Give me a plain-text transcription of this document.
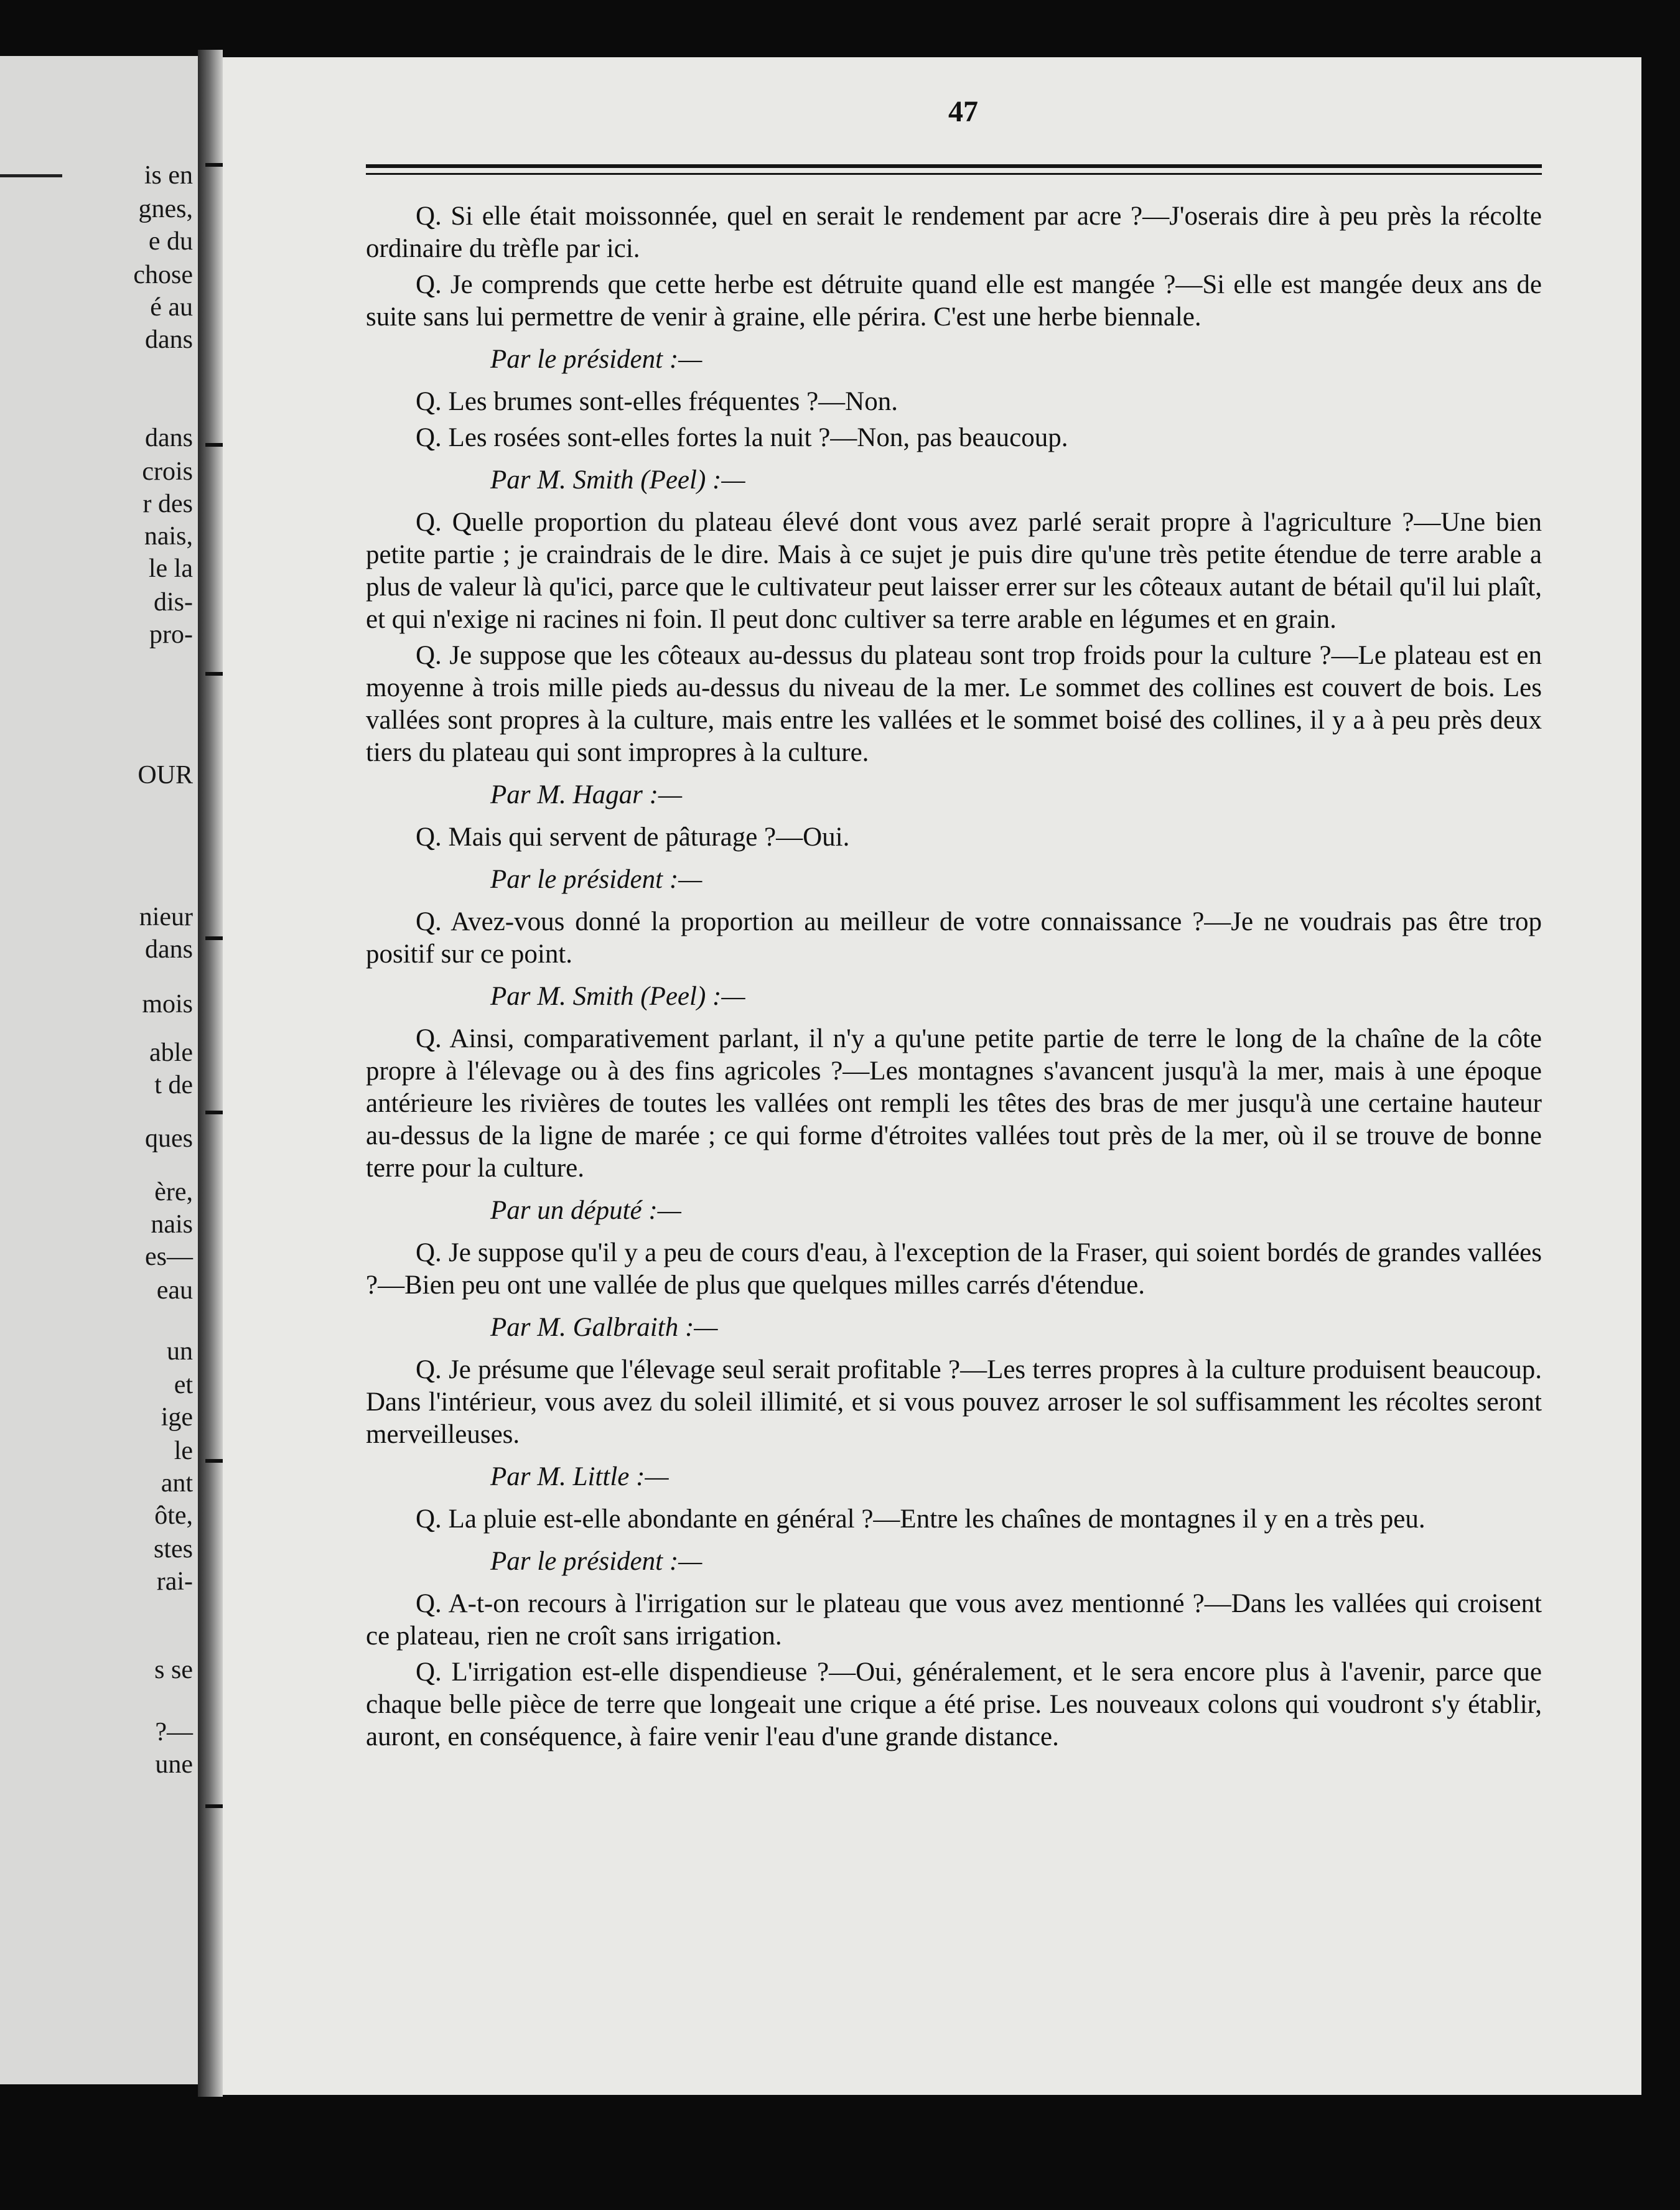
is en
gnes,
e du
chose
é au
dans
dans
crois
r des
nais,
le la
dis-
pro-
OUR
nieur
dans
mois
able
t de
ques
ère,
nais
es—
eau
un
et
ige
le
ant
ôte,
stes
rai-
s se
?—
une
47

Q. Si elle était moissonnée, quel en serait le rendement par acre ?—J'oserais dire à peu près la récolte ordinaire du trèfle par ici.

Q. Je comprends que cette herbe est détruite quand elle est mangée ?—Si elle est mangée deux ans de suite sans lui permettre de venir à graine, elle périra. C'est une herbe biennale.

Par le président :—

Q. Les brumes sont-elles fréquentes ?—Non.

Q. Les rosées sont-elles fortes la nuit ?—Non, pas beaucoup.

Par M. Smith (Peel) :—

Q. Quelle proportion du plateau élevé dont vous avez parlé serait propre à l'agriculture ?—Une bien petite partie ; je craindrais de le dire. Mais à ce sujet je puis dire qu'une très petite étendue de terre arable a plus de valeur là qu'ici, parce que le cultivateur peut laisser errer sur les côteaux autant de bétail qu'il lui plaît, et qui n'exige ni racines ni foin. Il peut donc cultiver sa terre arable en légumes et en grain.

Q. Je suppose que les côteaux au-dessus du plateau sont trop froids pour la culture ?—Le plateau est en moyenne à trois mille pieds au-dessus du niveau de la mer. Le sommet des collines est couvert de bois. Les vallées sont propres à la culture, mais entre les vallées et le sommet boisé des collines, il y a à peu près deux tiers du plateau qui sont impropres à la culture.

Par M. Hagar :—

Q. Mais qui servent de pâturage ?—Oui.

Par le président :—

Q. Avez-vous donné la proportion au meilleur de votre connaissance ?—Je ne voudrais pas être trop positif sur ce point.

Par M. Smith (Peel) :—

Q. Ainsi, comparativement parlant, il n'y a qu'une petite partie de terre le long de la chaîne de la côte propre à l'élevage ou à des fins agricoles ?—Les montagnes s'avancent jusqu'à la mer, mais à une époque antérieure les rivières de toutes les vallées ont rempli les têtes des bras de mer jusqu'à une certaine hauteur au-dessus de la ligne de marée ; ce qui forme d'étroites vallées tout près de la mer, où il se trouve de bonne terre pour la culture.

Par un député :—

Q. Je suppose qu'il y a peu de cours d'eau, à l'exception de la Fraser, qui soient bordés de grandes vallées ?—Bien peu ont une vallée de plus que quelques milles carrés d'étendue.

Par M. Galbraith :—

Q. Je présume que l'élevage seul serait profitable ?—Les terres propres à la culture produisent beaucoup. Dans l'intérieur, vous avez du soleil illimité, et si vous pouvez arroser le sol suffisamment les récoltes seront merveilleuses.

Par M. Little :—

Q. La pluie est-elle abondante en général ?—Entre les chaînes de montagnes il y en a très peu.

Par le président :—

Q. A-t-on recours à l'irrigation sur le plateau que vous avez mentionné ?—Dans les vallées qui croisent ce plateau, rien ne croît sans irrigation.

Q. L'irrigation est-elle dispendieuse ?—Oui, généralement, et le sera encore plus à l'avenir, parce que chaque belle pièce de terre que longeait une crique a été prise. Les nouveaux colons qui voudront s'y établir, auront, en conséquence, à faire venir l'eau d'une grande distance.
